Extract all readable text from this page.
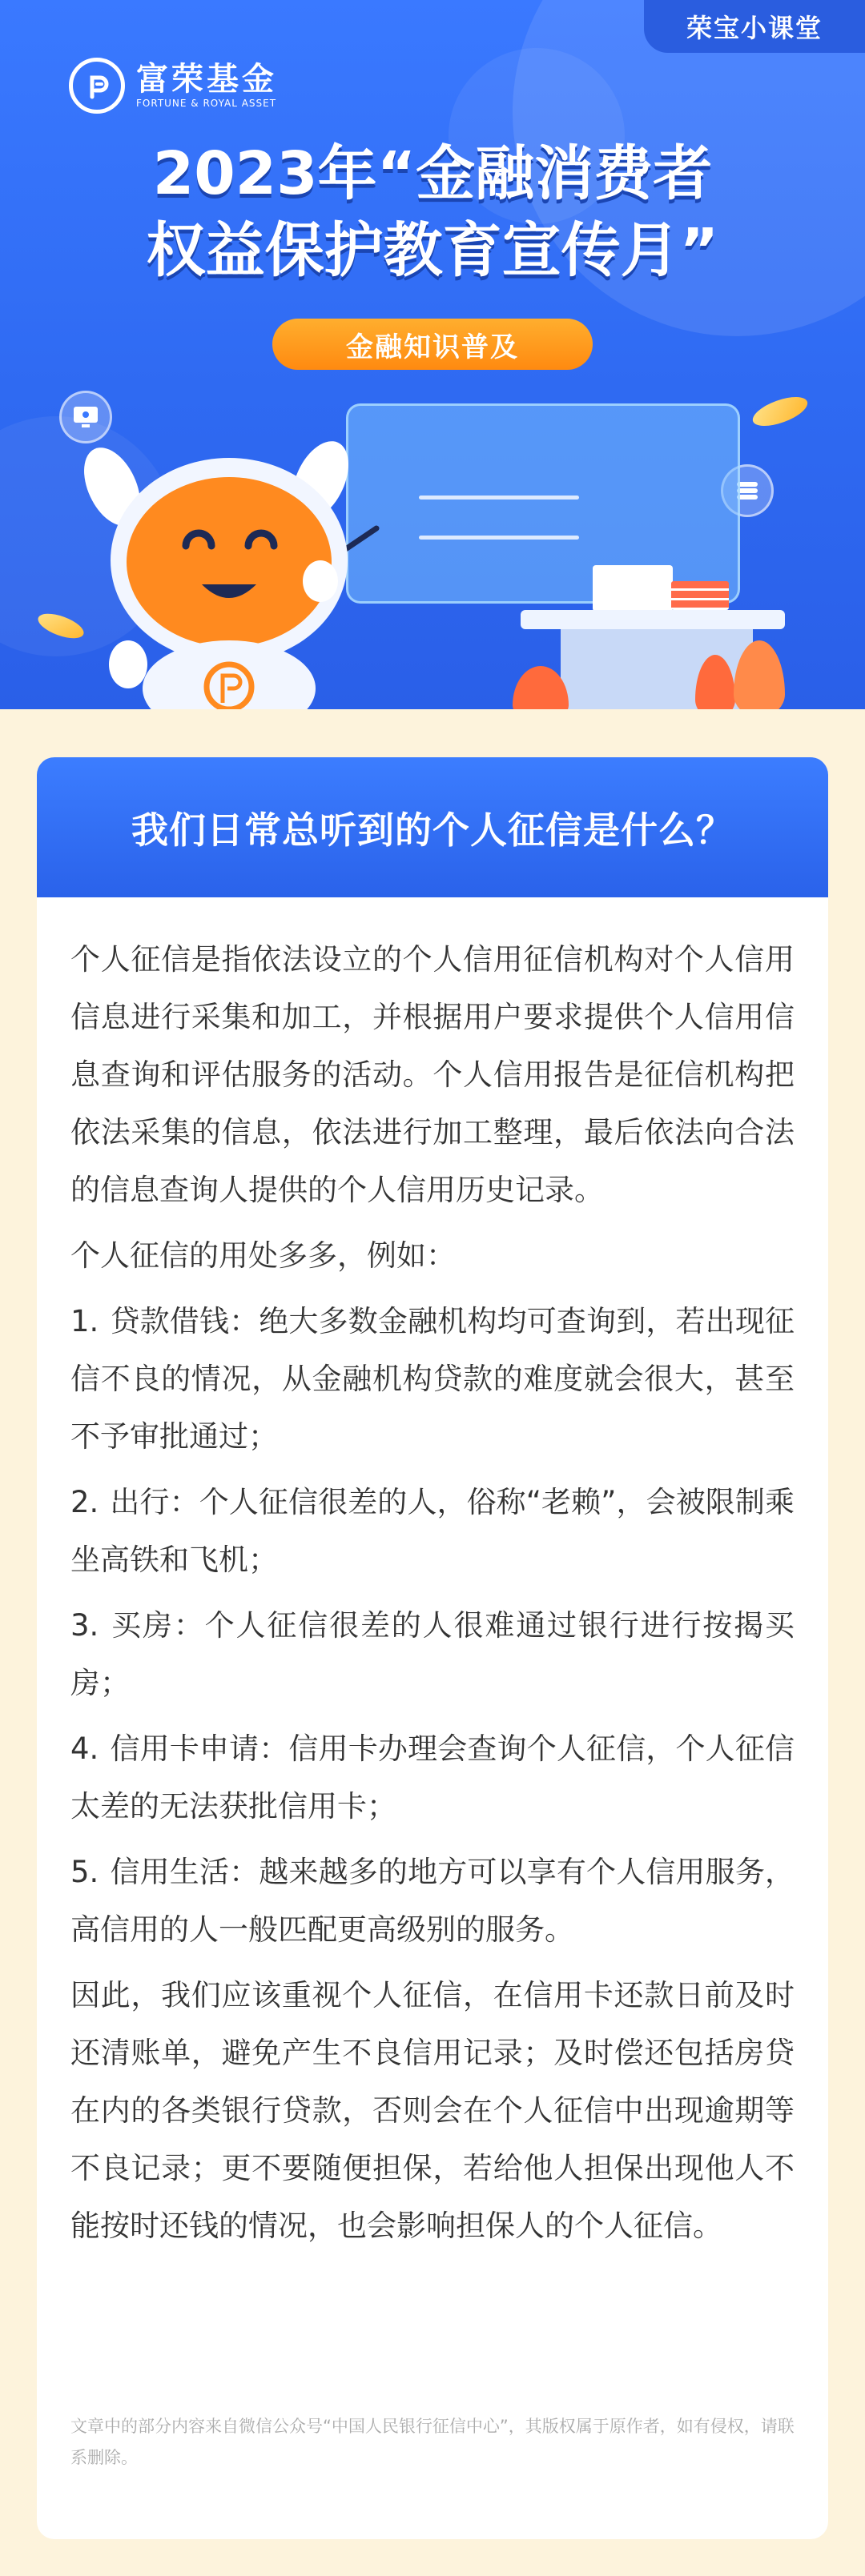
荣宝小课堂
富荣基金
FORTUNE & ROYAL ASSET
2023年“金融消费者
权益保护教育宣传月”
金融知识普及
我们日常总听到的个人征信是什么？

个人征信是指依法设立的个人信用征信机构对个人信用信息进行采集和加工，并根据用户要求提供个人信用信息查询和评估服务的活动。个人信用报告是征信机构把依法采集的信息，依法进行加工整理，最后依法向合法的信息查询人提供的个人信用历史记录。

个人征信的用处多多，例如：

1. 贷款借钱：绝大多数金融机构均可查询到，若出现征信不良的情况，从金融机构贷款的难度就会很大，甚至不予审批通过；

2. 出行：个人征信很差的人，俗称“老赖”，会被限制乘坐高铁和飞机；

3. 买房：个人征信很差的人很难通过银行进行按揭买房；

4. 信用卡申请：信用卡办理会查询个人征信，个人征信太差的无法获批信用卡；

5. 信用生活：越来越多的地方可以享有个人信用服务，高信用的人一般匹配更高级别的服务。

因此，我们应该重视个人征信，在信用卡还款日前及时还清账单，避免产生不良信用记录；及时偿还包括房贷在内的各类银行贷款，否则会在个人征信中出现逾期等不良记录；更不要随便担保，若给他人担保出现他人不能按时还钱的情况，也会影响担保人的个人征信。

文章中的部分内容来自微信公众号“中国人民银行征信中心”，其版权属于原作者，如有侵权，请联系删除。
